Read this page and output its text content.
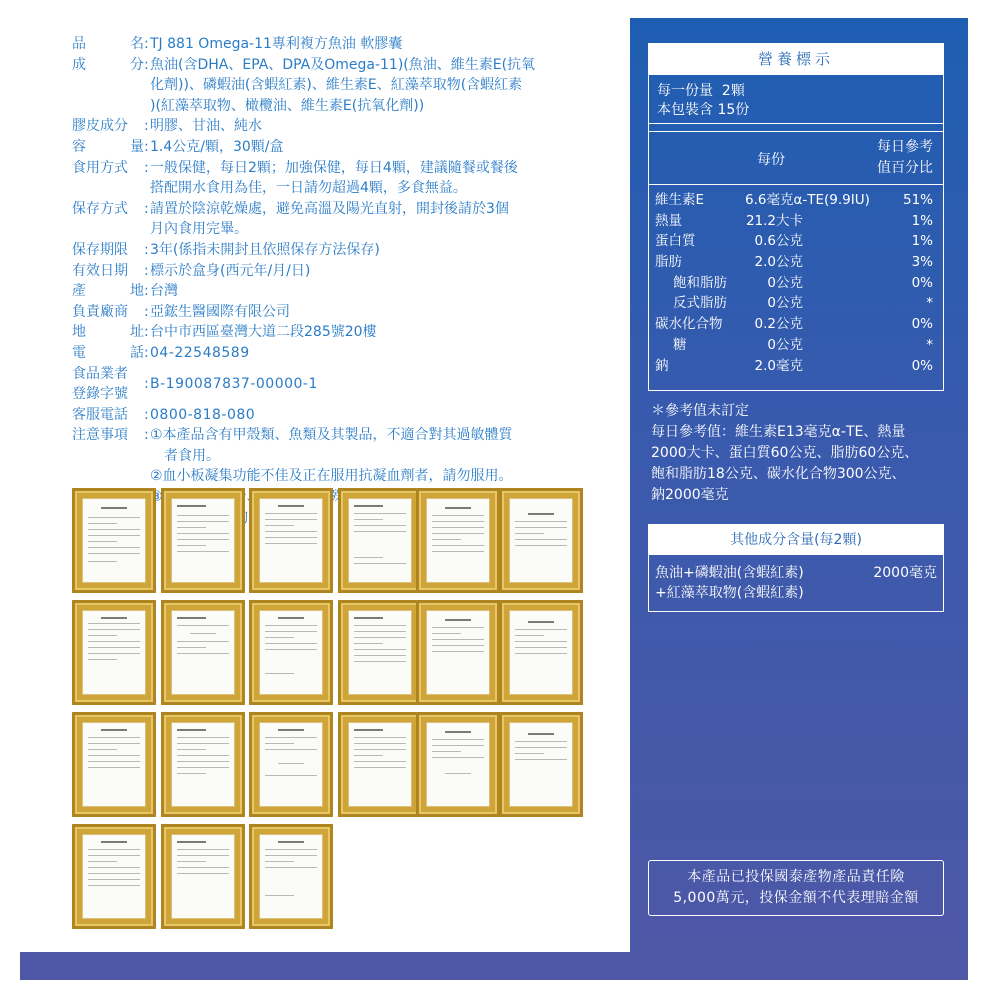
品	名 : TJ 881 Omega-11專利複方魚油 軟膠囊
成	分 : 魚油(含DHA、EPA、DPA及Omega-11)(魚油、維生素E(抗氧
化劑))、磷蝦油(含蝦紅素)、維生素E、紅藻萃取物(含蝦紅素
)(紅藻萃取物、橄欖油、維生素E(抗氧化劑))
膠皮成分	: 明膠、甘油、純水
容	量 : 1.4公克/顆，30顆/盒
食用方式	: 一般保健，每日2顆；加強保健，每日4顆，建議隨餐或餐後
搭配開水食用為佳，一日請勿超過4顆，多食無益。
保存方式	: 請置於陰涼乾燥處，避免高溫及陽光直射，開封後請於3個
月內食用完畢。
保存期限	: 3年(係指未開封且依照保存方法保存)
有效日期	: 標示於盒身(西元年/月/日)
產	地 : 台灣
負責廠商	: 亞鋐生醫國際有限公司
地	址 : 台中市西區臺灣大道二段285號20樓
電	話 : 04-22548589
食品業者
登錄字號
: B-190087837-00000-1
客服電話	: 0800-818-080
注意事項	: ①本產品含有甲殼類、魚類及其製品，不適合對其過敏體質
者食用。
②血小板凝集功能不佳及正在服用抗凝血劑者，請勿服用。
營養標示
每一份量 2顆
本包裝含 15份
每份
每日參考
值百分比
維生素E	6.6毫克α-TE(9.9IU) 51%
熱量	21.2大卡	1%
蛋白質	0.6公克	1%
脂肪	2.0公克	3%
飽和脂肪	0公克	0%
反式脂肪	0公克	*
碳水化合物	0.2公克	0%
糖	0公克	*
鈉	2.0毫克	0%
＊參考值未訂定
每日參考值：維生素E13毫克α-TE、熱量
2000大卡、蛋白質60公克、脂肪60公克、
飽和脂肪18公克、碳水化合物300公克、
鈉2000毫克
其他成分含量(每2顆)
魚油+磷蝦油(含蝦紅素)
+紅藻萃取物(含蝦紅素)
2000毫克
本產品已投保國泰產物產品責任險
5,000萬元，投保金額不代表理賠金額
